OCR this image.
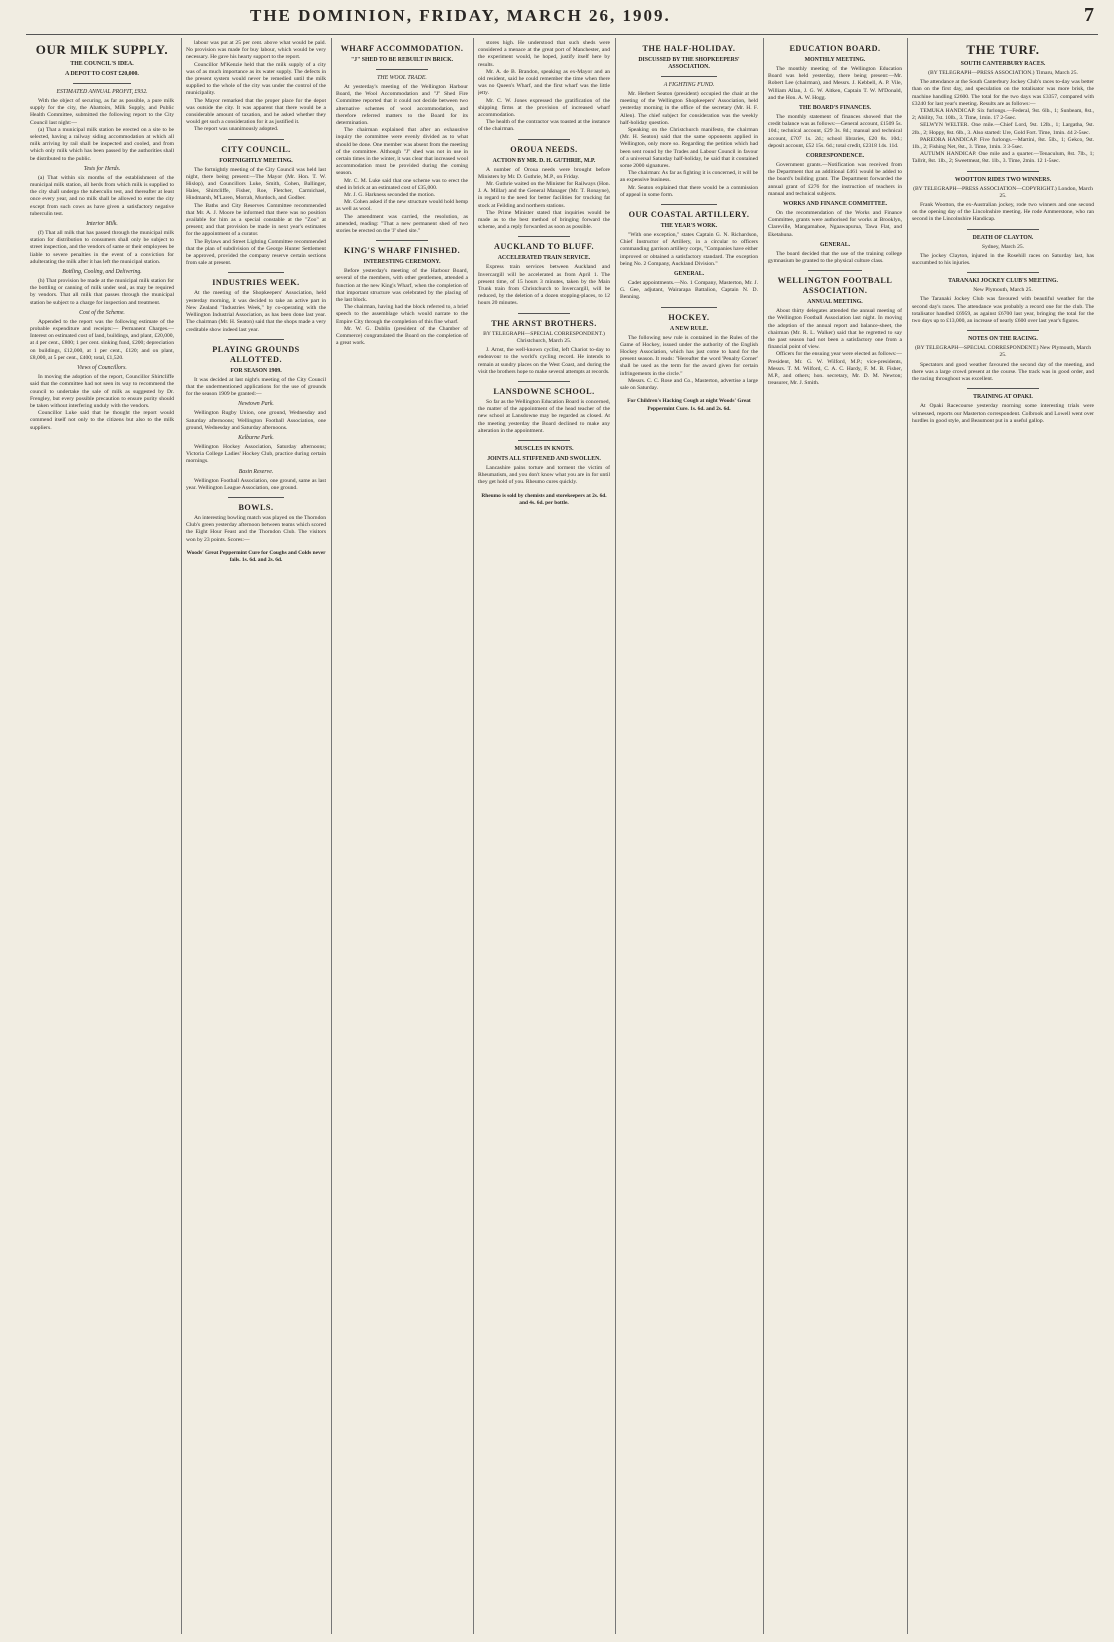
THE DOMINION, FRIDAY, MARCH 26, 1909.	7
OUR MILK SUPPLY.
THE COUNCIL'S IDEA.
A DEPOT TO COST £20,000.
ESTIMATED ANNUAL PROFIT, £932.

With the object of securing, as far as possible, a pure milk supply for the city, the Abattoirs, Milk Supply, and Public Health Committee, submitted the following report to the City Council last night:—

(a) That a municipal milk station be erected on a site to be selected, having a railway siding accommodation at which all milk arriving by rail shall be inspected and cooled, and from which only milk which has been passed by the authorities shall be distributed to the public.

Tests for Herds.

(a) That within six months of the establishment of the municipal milk station, all herds from which milk is supplied to the city shall undergo the tuberculin test, and thereafter at least once every year, and no milk shall be allowed to enter the city except from such cows as have given a satisfactory negative tuberculin test.

Interior Milk.

(f) That all milk that has passed through the municipal milk station for distribution to consumers shall only be subject to street inspection, and the vendors of same or their employees be liable to severe penalties in the event of a conviction for adulterating the milk after it has left the municipal station.

Bottling, Cooling, and Delivering.

(h) That provision be made at the municipal milk station for the bottling or canning of milk under seal, as may be required by vendors. That all milk that passes through the municipal station be subject to a charge for inspection and treatment.

Cost of the Scheme.

Appended to the report was the following estimate of the probable expenditure and receipts:— Permanent Charges.—Interest on estimated cost of land, buildings, and plant, £20,000, at 4 per cent., £800; 1 per cent. sinking fund, £200; depreciation on buildings, £12,000, at 1 per cent., £120; and on plant, £8,000, at 5 per cent., £400; total, £1,520.

Views of Councillors.

In moving the adoption of the report, Councillor Shirtcliffe said that the committee had not seen its way to recommend the council to undertake the sale of milk as suggested by Dr. Frengley, but every possible precaution to ensure purity should be taken without interfering unduly with the vendors.

Councillor Luke said that he thought the report would commend itself not only to the citizens but also to the milk suppliers.

labour was put at 25 per cent. above what would be paid. No provision was made for buy labour, which would be very necessary. He gave his hearty support to the report.

Councillor M'Kenzie held that the milk supply of a city was of as much importance as its water supply. The defects in the present system would never be remedied until the milk supplied to the whole of the city was under the control of the municipality.

The Mayor remarked that the proper place for the depot was outside the city. It was apparent that there would be a considerable amount of taxation, and he asked whether they would get such a consideration for it as justified it.

The report was unanimously adopted.

CITY COUNCIL.
FORTNIGHTLY MEETING.

The fortnightly meeting of the City Council was held last night, there being present:—The Mayor (Mr. Hon. T. W. Hislop), and Councillors Luke, Smith, Cohen, Ballinger, Hales, Shirtcliffe, Fisher, Roe, Fletcher, Carmichael, Hindmarsh, M'Laren, Morrah, Murdoch, and Godber.

The Baths and City Reserves Committee recommended that Mr. A. J. Moore be informed that there was no position available for him as a special constable at the "Zoo" at present; and that provision be made in next year's estimates for the appointment of a curator.

The Bylaws and Street Lighting Committee recommended that the plan of subdivision of the George Hunter Settlement be approved, provided the company reserve certain sections from sale at present.

INDUSTRIES WEEK.

At the meeting of the Shopkeepers' Association, held yesterday morning, it was decided to take an active part in New Zealand "Industries Week," by co-operating with the Wellington Industrial Association, as has been done last year. The chairman (Mr. H. Seaton) said that the shops made a very creditable show indeed last year.

PLAYING GROUNDS ALLOTTED.
FOR SEASON 1909.

It was decided at last night's meeting of the City Council that the undermentioned applications for the use of grounds for the season 1909 be granted:—

Newtown Park.

Wellington Rugby Union, one ground, Wednesday and Saturday afternoons; Wellington Football Association, one ground, Wednesday and Saturday afternoons.

Kelburne Park.

Wellington Hockey Association, Saturday afternoons; Victoria College Ladies' Hockey Club, practice during certain mornings.

Basin Reserve.

Wellington Football Association, one ground, same as last year. Wellington League Association, one ground.

BOWLS.

An interesting bowling match was played on the Thorndon Club's green yesterday afternoon between teams which scored the Eight Hour Feast and the Thorndon Club. The visitors won by 23 points. Scores:—

Woods' Great Peppermint Cure for Coughs and Colds never fails. 1s. 6d. and 2s. 6d.
WHARF ACCOMMODATION.
"J" SHED TO BE REBUILT IN BRICK.
THE WOOL TRADE.

At yesterday's meeting of the Wellington Harbour Board, the Wool Accommodation and "J" Shed Fire Committee reported that it could not decide between two alternative schemes of wool accommodation, and therefore referred matters to the Board for its determination.

The chairman explained that after an exhaustive inquiry the committee were evenly divided as to what should be done. One member was absent from the meeting of the committee. Although "J" shed was not in use in certain times in the winter, it was clear that increased wool accommodation must be provided during the coming season.

Mr. C. M. Luke said that one scheme was to erect the shed in brick at an estimated cost of £35,000.

Mr. J. G. Harkness seconded the motion.

Mr. Cohen asked if the new structure would hold hemp as well as wool.

The amendment was carried, the resolution, as amended, reading: "That a new permanent shed of two stories be erected on the 'J' shed site."

KING'S WHARF FINISHED.
INTERESTING CEREMONY.

Before yesterday's meeting of the Harbour Board, several of the members, with other gentlemen, attended a function at the new King's Wharf, when the completion of that important structure was celebrated by the placing of the last block.

The chairman, having had the block referred to, a brief speech to the assemblage which would narrate to the Empire City through the completion of this fine wharf.

Mr. W. G. Dublin (president of the Chamber of Commerce) congratulated the Board on the completion of a great work.

stores high. He understood that such sheds were considered a menace at the great port of Manchester, and the experiment would, he hoped, justify itself here by results.

Mr. A. de B. Brandon, speaking as ex-Mayor and an old resident, said he could remember the time when there was no Queen's Wharf, and the first wharf was the little jetty.

Mr. C. W. Jones expressed the gratification of the shipping firms at the provision of increased wharf accommodation.

The health of the contractor was toasted at the instance of the chairman.

OROUA NEEDS.
ACTION BY MR. D. H. GUTHRIE, M.P.

A number of Oroua needs were brought before Ministers by Mr. D. Guthrie, M.P., on Friday.

Mr. Guthrie waited on the Minister for Railways (Hon. J. A. Millar) and the General Manager (Mr. T. Ronayne), in regard to the need for better facilities for trucking fat stock at Feilding and northern stations.

The Prime Minister stated that inquiries would be made as to the best method of bringing forward the scheme, and a reply forwarded as soon as possible.

AUCKLAND TO BLUFF.
ACCELERATED TRAIN SERVICE.

Express train services between Auckland and Invercargill will be accelerated as from April 1. The present time, of 15 hours 3 minutes, taken by the Main Trunk train from Christchurch to Invercargill, will be reduced, by the deletion of a dozen stopping-places, to 12 hours 20 minutes.

THE ARNST BROTHERS.
BY TELEGRAPH—SPECIAL CORRESPONDENT.) Christchurch, March 25.

J. Arnst, the well-known cyclist, left Chariot to-day to endeavour to the world's cycling record. He intends to remain at sundry places on the West Coast, and during the visit the brothers hope to make several attempts at records.

LANSDOWNE SCHOOL.

So far as the Wellington Education Board is concerned, the matter of the appointment of the head teacher of the new school at Lansdowne may be regarded as closed. At the meeting yesterday the Board declined to make any alteration in the appointment.

MUSCLES IN KNOTS.
JOINTS ALL STIFFENED AND SWOLLEN.

Lancashire pains torture and torment the victim of Rheumatism, and you don't know what you are in for until they get hold of you. Rheumo cures quickly.

Rheumo is sold by chemists and storekeepers at 2s. 6d. and 4s. 6d. per bottle.
THE HALF-HOLIDAY.
DISCUSSED BY THE SHOPKEEPERS' ASSOCIATION.
A FIGHTING FUND.

Mr. Herbert Seaton (president) occupied the chair at the meeting of the Wellington Shopkeepers' Association, held yesterday morning in the office of the secretary (Mr. H. F. Allen). The chief subject for consideration was the weekly half-holiday question.

Speaking on the Christchurch manifesto, the chairman (Mr. H. Seaton) said that the same opponents applied in Wellington, only more so. Regarding the petition which had been sent round by the Trades and Labour Council in favour of a universal Saturday half-holiday, he said that it contained some 2000 signatures.

The chairman: As far as fighting it is concerned, it will be an expensive business.

Mr. Seaton explained that there would be a commission of appeal in some form.

OUR COASTAL ARTILLERY.
THE YEAR'S WORK.

"With one exception," states Captain G. N. Richardson, Chief Instructor of Artillery, in a circular to officers commanding garrison artillery corps, "Companies have either improved or obtained a satisfactory standard. The exception being No. 2 Company, Auckland Division."

GENERAL.

Cadet appointments.—No. 1 Company, Masterton, Mr. J. G. Gee, adjutant, Wairarapa Battalion, Captain N. D. Benning.

HOCKEY.
A NEW RULE.

The following new rule is contained in the Rules of the Game of Hockey, issued under the authority of the English Hockey Association, which has just come to hand for the present season. It reads: "Hereafter the word 'Penalty Corner' shall be used as the term for the award given for certain infringements in the circle."

Messrs. C. C. Rose and Co., Masterton, advertise a large sale on Saturday.

For Children's Hacking Cough at night Woods' Great Peppermint Cure. 1s. 6d. and 2s. 6d.
EDUCATION BOARD.
MONTHLY MEETING.

The monthly meeting of the Wellington Education Board was held yesterday, there being present:—Mr. Robert Lee (chairman), and Messrs. J. Kebbell, A. P. Vile, William Allan, J. G. W. Aitken, Captain T. W. M'Donald, and the Hon. A. W. Hogg.

THE BOARD'S FINANCES.

The monthly statement of finances showed that the credit balance was as follows:—General account, £1509 5s. 10d.; technical account, £29 3s. 8d.; manual and technical account, £707 1s. 2d.; school libraries, £20 8s. 10d.; deposit account, £52 15s. 6d.; total credit, £2318 14s. 11d.

CORRESPONDENCE.

Government grants.—Notification was received from the Department that an additional £461 would be added to the board's building grant. The Department forwarded the annual grant of £276 for the instruction of teachers in manual and technical subjects.

WORKS AND FINANCE COMMITTEE.

On the recommendation of the Works and Finance Committee, grants were authorised for works at Brooklyn, Clareville, Mangamahoe, Ngaawapurua, Tawa Flat, and Eketahuna.

GENERAL.

The board decided that the use of the training college gymnasium be granted to the physical culture class.

WELLINGTON FOOTBALL ASSOCIATION.
ANNUAL MEETING.

About thirty delegates attended the annual meeting of the Wellington Football Association last night. In moving the adoption of the annual report and balance-sheet, the chairman (Mr. R. L. Walker) said that he regretted to say the past season had not been a satisfactory one from a financial point of view.

Officers for the ensuing year were elected as follows:—President, Mr. G. W. Wilford, M.P.; vice-presidents, Messrs. T. M. Wilford, C. A. C. Hardy, F. M. B. Fisher, M.P., and others; hon. secretary, Mr. D. M. Newton; treasurer, Mr. J. Smith.

THE TURF.
SOUTH CANTERBURY RACES.
(BY TELEGRAPH—PRESS ASSOCIATION.) Timaru, March 25.

The attendance at the South Canterbury Jockey Club's races to-day was better than on the first day, and speculation on the totalisator was more brisk, the machine handling £2600. The total for the two days was £3357, compared with £3240 for last year's meeting. Results are as follows:—

TEMUKA HANDICAP. Six furlongs.—Federal, 9st. 6lb., 1; Sunbeam, 8st., 2; Ability, 7st. 10lb., 3. Time, 1min. 17 2-5sec.

SELWYN WELTER. One mile.—Chief Lord, 9st. 12lb., 1; Largatha, 9st. 2lb., 2; Hoppy, 8st. 6lb., 3. Also started: Ure, Gold Fort. Time, 1min. 44 2-5sec.

PAREORA HANDICAP. Five furlongs.—Martini, 8st. 5lb., 1; Gekco, 9st. 1lb., 2; Fishing Net, 8st., 3. Time, 1min. 3 3-5sec.

AUTUMN HANDICAP. One mile and a quarter.—Tenaculum, 8st. 7lb., 1; Tallrit, 8st. 1lb., 2; Sweetmeat, 8st. 1lb., 3. Time, 2min. 12 1-5sec.

WOOTTON RIDES TWO WINNERS.
(BY TELEGRAPH—PRESS ASSOCIATION—COPYRIGHT.) London, March 25.

Frank Wootton, the ex-Australian jockey, rode two winners and one second on the opening day of the Lincolnshire meeting. He rode Ammerstone, who ran second in the Lincolnshire Handicap.

DEATH OF CLAYTON.
Sydney, March 25.

The jockey Clayton, injured in the Rosehill races on Saturday last, has succumbed to his injuries.

TARANAKI JOCKEY CLUB'S MEETING.
New Plymouth, March 25.

The Taranaki Jockey Club was favoured with beautiful weather for the second day's races. The attendance was probably a record one for the club. The totalisator handled £6959, as against £6700 last year, bringing the total for the two days up to £13,000, an increase of nearly £600 over last year's figures.

NOTES ON THE RACING.
(BY TELEGRAPH—SPECIAL CORRESPONDENT.) New Plymouth, March 25.

Spectators and good weather favoured the second day of the meeting, and there was a large crowd present at the course. The track was in good order, and the racing throughout was excellent.

TRAINING AT OPAKI.

At Opaki Racecourse yesterday morning some interesting trials were witnessed, reports our Masterton correspondent. Colbrook and Lowell went over hurdles in good style, and Beaumont put in a useful gallop.
